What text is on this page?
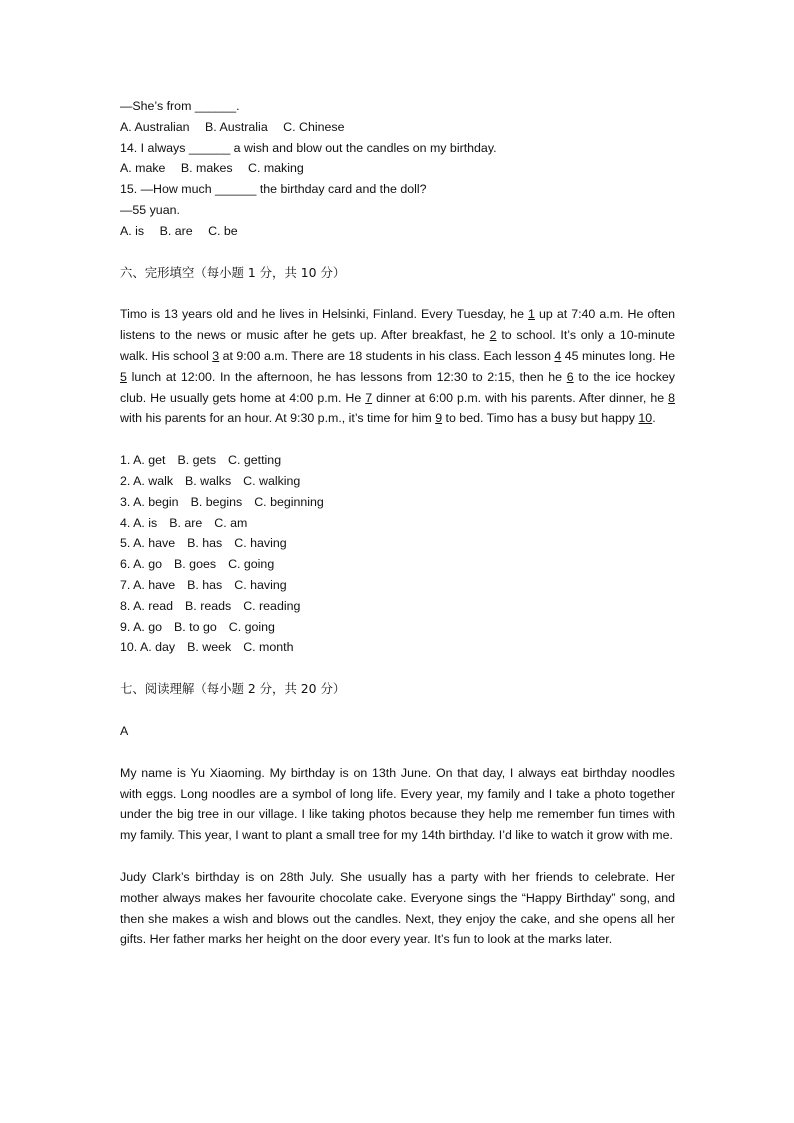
—She’s from ______.

A. Australian B. Australia C. Chinese

14. I always ______ a wish and blow out the candles on my birthday.

A. make B. makes C. making

15. —How much ______ the birthday card and the doll?

—55 yuan.

A. is B. are C. be

六、完形填空（每小题 1 分，共 10 分）

Timo is 13 years old and he lives in Helsinki, Finland. Every Tuesday, he 1 up at 7:40 a.m. He often listens to the news or music after he gets up. After breakfast, he 2 to school. It’s only a 10-minute walk. His school 3 at 9:00 a.m. There are 18 students in his class. Each lesson 4 45 minutes long. He 5 lunch at 12:00. In the afternoon, he has lessons from 12:30 to 2:15, then he 6 to the ice hockey club. He usually gets home at 4:00 p.m. He 7 dinner at 6:00 p.m. with his parents. After dinner, he 8 with his parents for an hour. At 9:30 p.m., it’s time for him 9 to bed. Timo has a busy but happy 10.

1. A. get B. gets C. getting

2. A. walk B. walks C. walking

3. A. begin B. begins C. beginning

4. A. is B. are C. am

5. A. have B. has C. having

6. A. go B. goes C. going

7. A. have B. has C. having

8. A. read B. reads C. reading

9. A. go B. to go C. going

10. A. day B. week C. month

七、阅读理解（每小题 2 分，共 20 分）

A

My name is Yu Xiaoming. My birthday is on 13th June. On that day, I always eat birthday noodles with eggs. Long noodles are a symbol of long life. Every year, my family and I take a photo together under the big tree in our village. I like taking photos because they help me remember fun times with my family. This year, I want to plant a small tree for my 14th birthday. I’d like to watch it grow with me.

Judy Clark’s birthday is on 28th July. She usually has a party with her friends to celebrate. Her mother always makes her favourite chocolate cake. Everyone sings the “Happy Birthday” song, and then she makes a wish and blows out the candles. Next, they enjoy the cake, and she opens all her gifts. Her father marks her height on the door every year. It’s fun to look at the marks later.
